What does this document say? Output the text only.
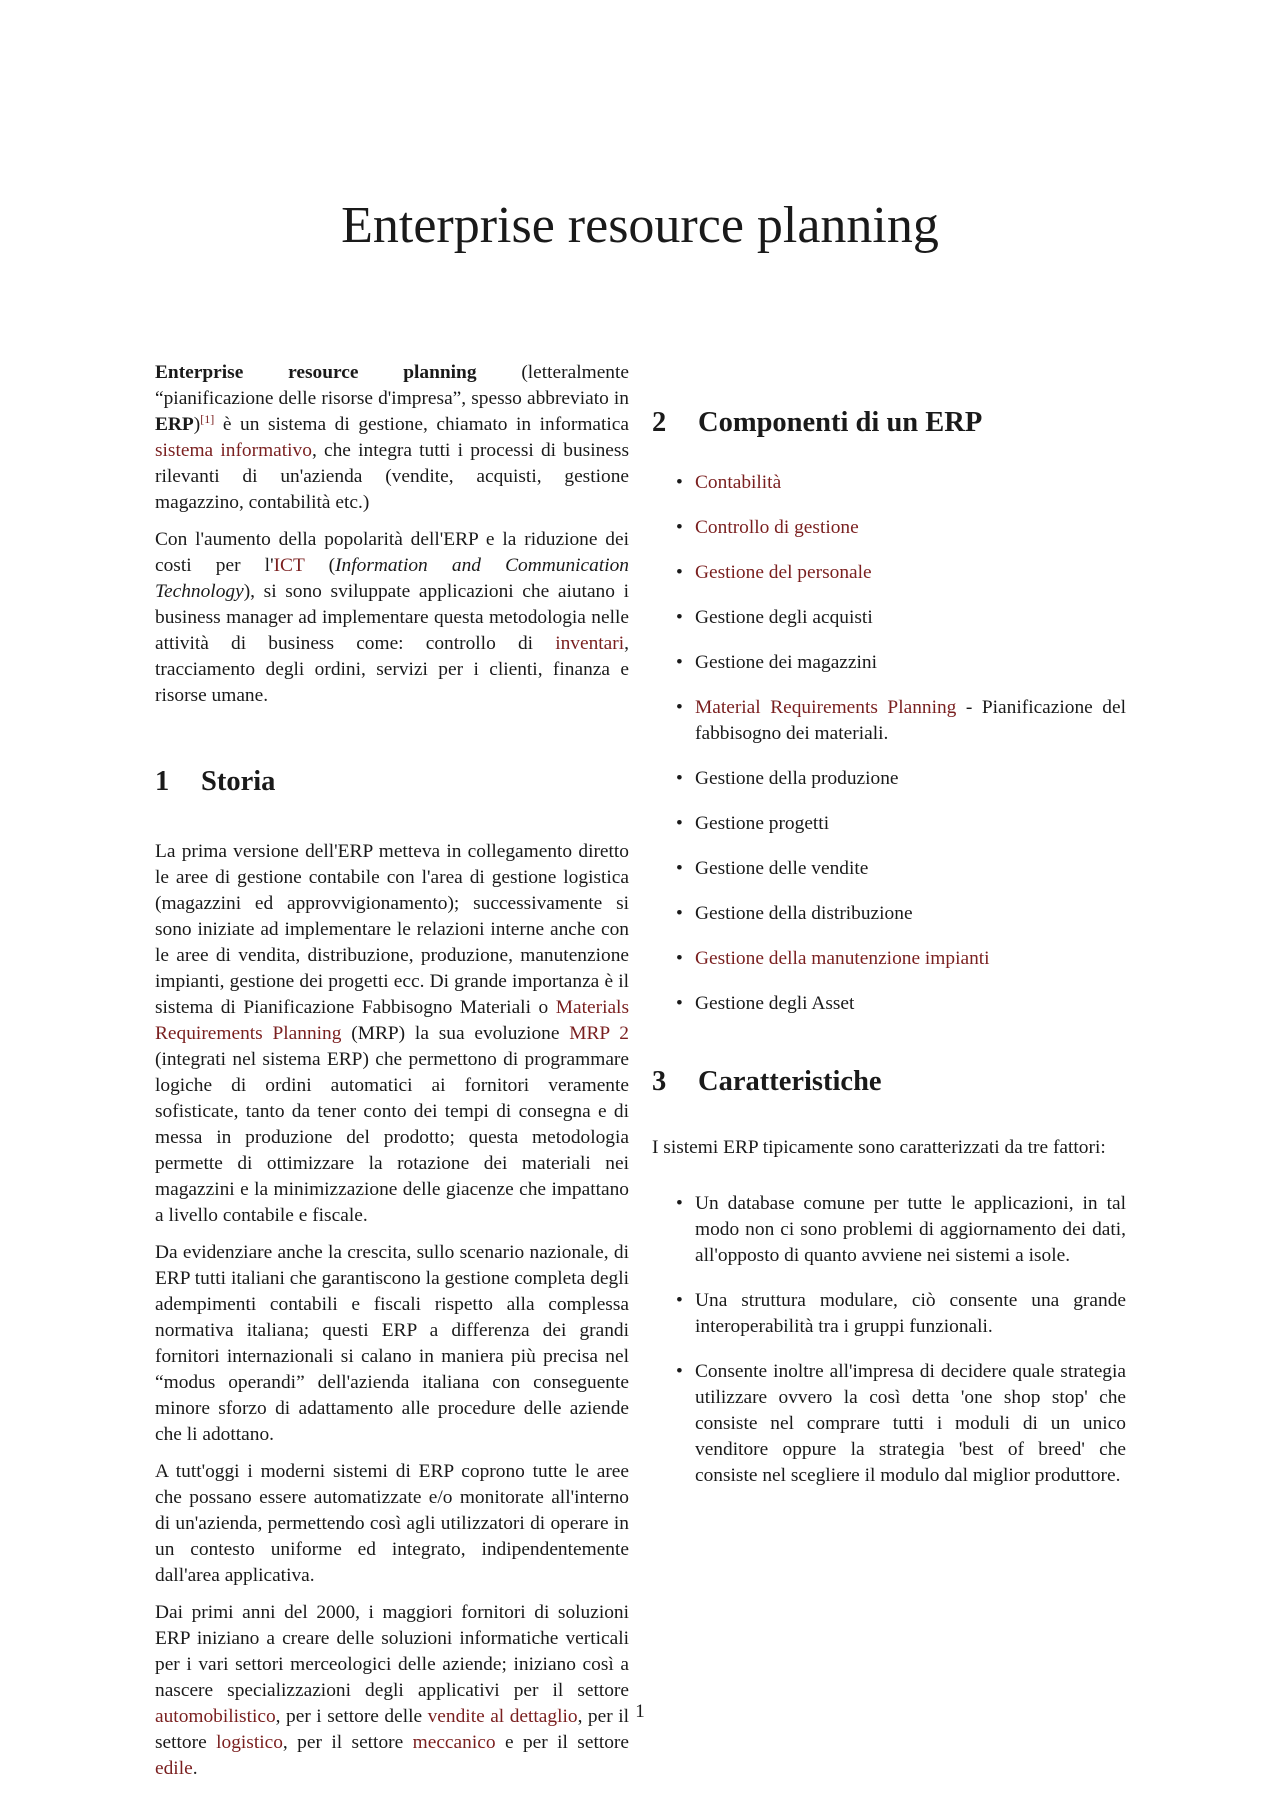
Enterprise resource planning

Enterprise resource planning (letteralmente “pianificazione delle risorse d'impresa”, spesso abbreviato in ERP)[1] è un sistema di gestione, chiamato in informatica sistema informativo, che integra tutti i processi di business rilevanti di un'azienda (vendite, acquisti, gestione magazzino, contabilità etc.)

Con l'aumento della popolarità dell'ERP e la riduzione dei costi per l'ICT (Information and Communication Technology), si sono sviluppate applicazioni che aiutano i business manager ad implementare questa metodologia nelle attività di business come: controllo di inventari, tracciamento degli ordini, servizi per i clienti, finanza e risorse umane.

1 Storia

La prima versione dell'ERP metteva in collegamento diretto le aree di gestione contabile con l'area di gestione logistica (magazzini ed approvvigionamento); successivamente si sono iniziate ad implementare le relazioni interne anche con le aree di vendita, distribuzione, produzione, manutenzione impianti, gestione dei progetti ecc. Di grande importanza è il sistema di Pianificazione Fabbisogno Materiali o Materials Requirements Planning (MRP) la sua evoluzione MRP 2 (integrati nel sistema ERP) che permettono di programmare logiche di ordini automatici ai fornitori veramente sofisticate, tanto da tener conto dei tempi di consegna e di messa in produzione del prodotto; questa metodologia permette di ottimizzare la rotazione dei materiali nei magazzini e la minimizzazione delle giacenze che impattano a livello contabile e fiscale.

Da evidenziare anche la crescita, sullo scenario nazionale, di ERP tutti italiani che garantiscono la gestione completa degli adempimenti contabili e fiscali rispetto alla complessa normativa italiana; questi ERP a differenza dei grandi fornitori internazionali si calano in maniera più precisa nel “modus operandi” dell'azienda italiana con conseguente minore sforzo di adattamento alle procedure delle aziende che li adottano.

A tutt'oggi i moderni sistemi di ERP coprono tutte le aree che possano essere automatizzate e/o monitorate all'interno di un'azienda, permettendo così agli utilizzatori di operare in un contesto uniforme ed integrato, indipendentemente dall'area applicativa.

Dai primi anni del 2000, i maggiori fornitori di soluzioni ERP iniziano a creare delle soluzioni informatiche verticali per i vari settori merceologici delle aziende; iniziano così a nascere specializzazioni degli applicativi per il settore automobilistico, per i settore delle vendite al dettaglio, per il settore logistico, per il settore meccanico e per il settore edile.

2 Componenti di un ERP
• Contabilità
• Controllo di gestione
• Gestione del personale
• Gestione degli acquisti
• Gestione dei magazzini
• Material Requirements Planning - Pianificazione del fabbisogno dei materiali.
• Gestione della produzione
• Gestione progetti
• Gestione delle vendite
• Gestione della distribuzione
• Gestione della manutenzione impianti
• Gestione degli Asset
3 Caratteristiche

I sistemi ERP tipicamente sono caratterizzati da tre fattori:

• Un database comune per tutte le applicazioni, in tal modo non ci sono problemi di aggiornamento dei dati, all'opposto di quanto avviene nei sistemi a isole.
• Una struttura modulare, ciò consente una grande interoperabilità tra i gruppi funzionali.
• Consente inoltre all'impresa di decidere quale strategia utilizzare ovvero la così detta 'one shop stop' che consiste nel comprare tutti i moduli di un unico venditore oppure la strategia 'best of breed' che consiste nel scegliere il modulo dal miglior produttore.
1
